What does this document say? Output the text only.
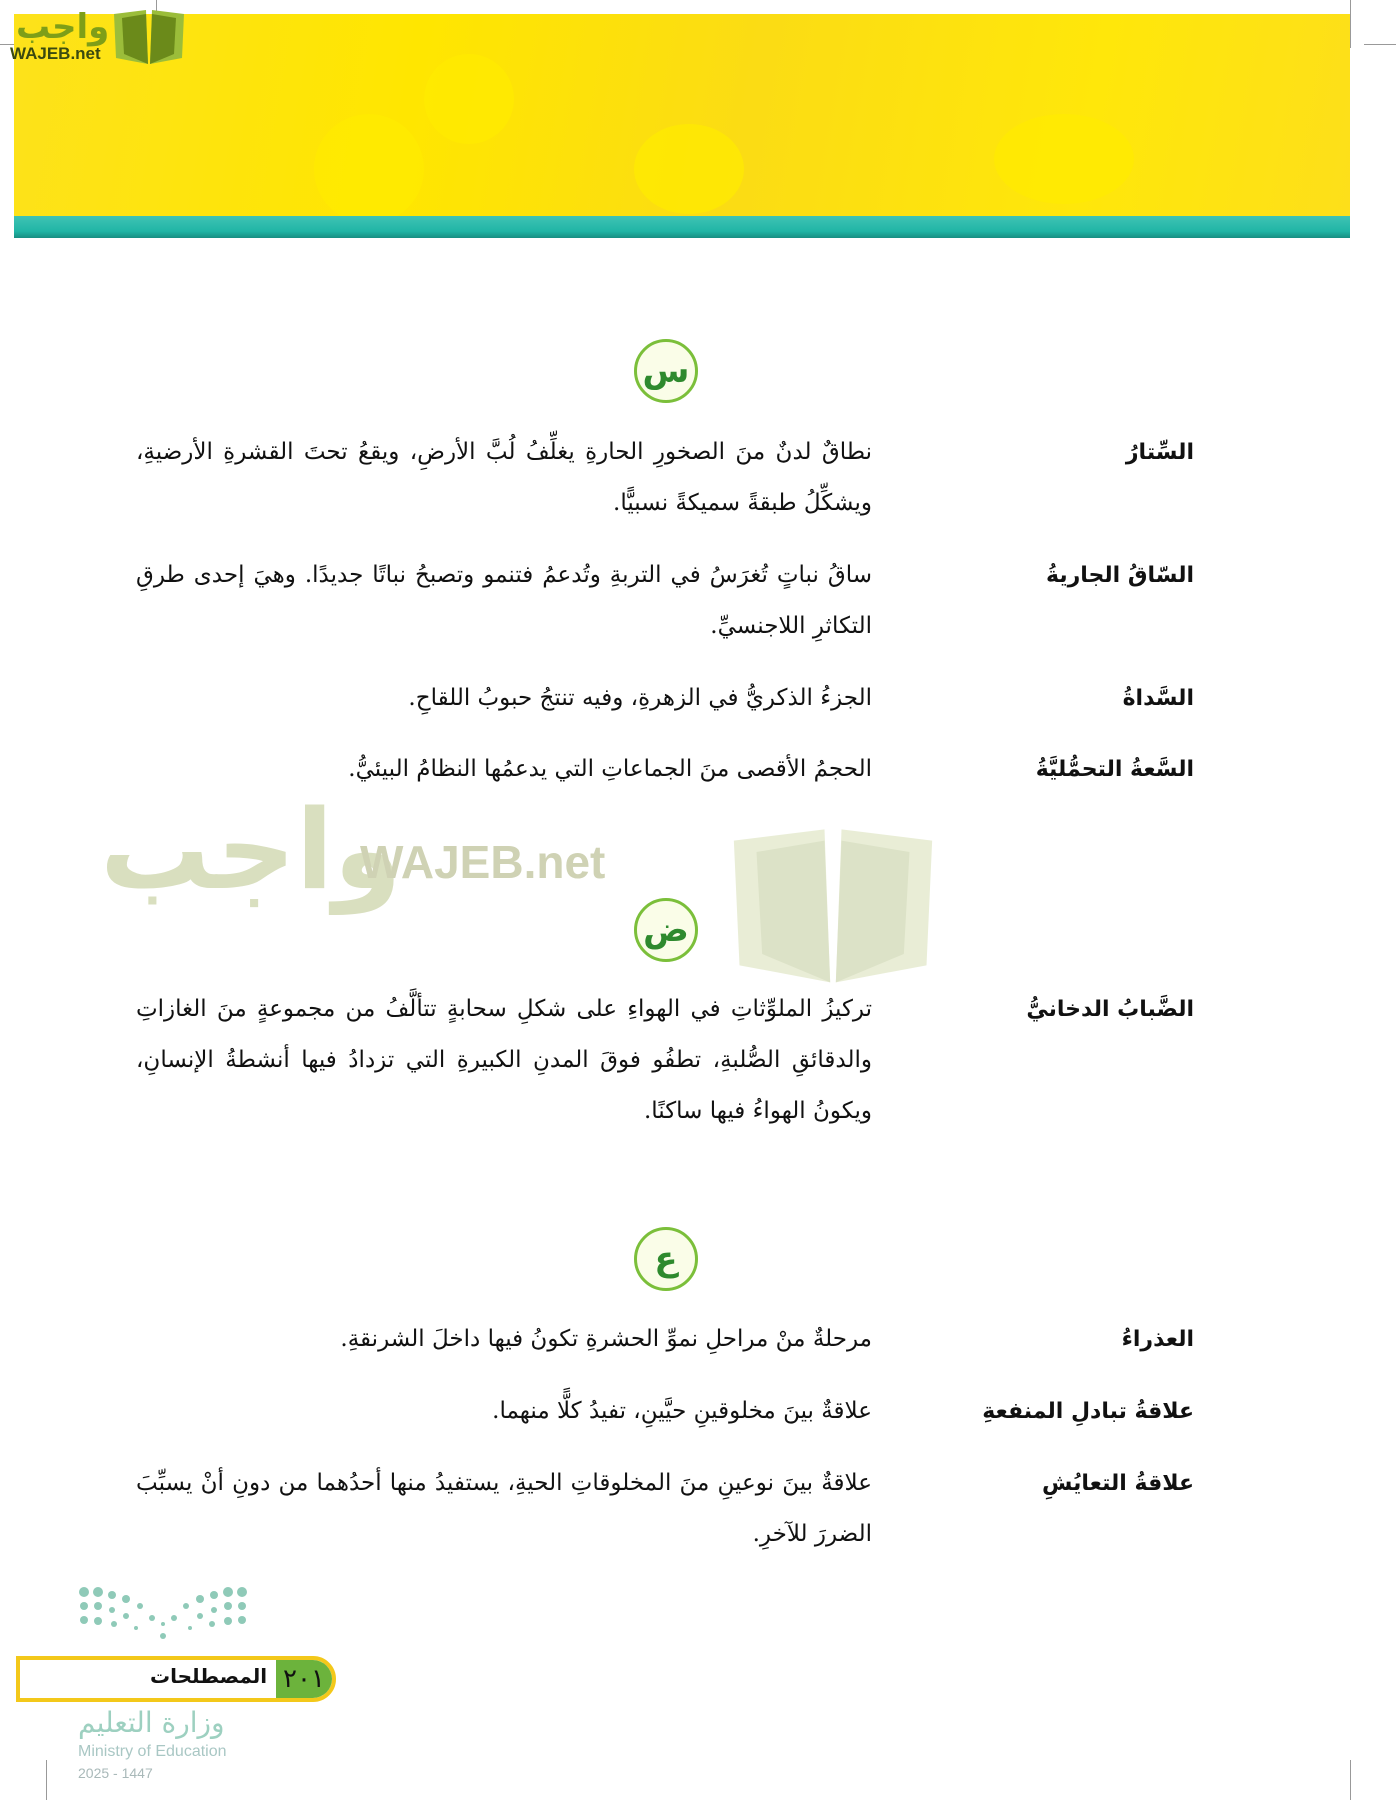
واجب
WAJEB.net
واجب
WAJEB.net
س
السِّتارُ
نطاقٌ لدنٌ منَ الصخورِ الحارةِ يغلِّفُ لُبَّ الأرضِ، ويقعُ تحتَ القشرةِ الأرضيةِ، ويشكِّلُ طبقةً سميكةً نسبيًّا.
السّاقُ الجاريةُ
ساقُ نباتٍ تُغرَسُ في التربةِ وتُدعمُ فتنمو وتصبحُ نباتًا جديدًا. وهيَ إحدى طرقِ التكاثرِ اللاجنسيِّ.
السَّداةُ
الجزءُ الذكريُّ في الزهرةِ، وفيه تنتجُ حبوبُ اللقاحِ.
السَّعةُ التحمُّليَّةُ
الحجمُ الأقصى منَ الجماعاتِ التي يدعمُها النظامُ البيئيُّ.
ض
الضَّبابُ الدخانيُّ
تركيزُ الملوِّثاتِ في الهواءِ على شكلِ سحابةٍ تتألَّفُ من مجموعةٍ منَ الغازاتِ والدقائقِ الصُّلبةِ، تطفُو فوقَ المدنِ الكبيرةِ التي تزدادُ فيها أنشطةُ الإنسانِ، ويكونُ الهواءُ فيها ساكنًا.
ع
العذراءُ
مرحلةٌ منْ مراحلِ نموِّ الحشرةِ تكونُ فيها داخلَ الشرنقةِ.
علاقةُ تبادلِ المنفعةِ
علاقةٌ بينَ مخلوقينِ حيَّينِ، تفيدُ كلًّا منهما.
علاقةُ التعايُشِ
علاقةٌ بينَ نوعينِ منَ المخلوقاتِ الحيةِ، يستفيدُ منها أحدُهما من دونِ أنْ يسبِّبَ الضررَ للآخرِ.
المصطلحات ٢٠١
وزارة التعليم
Ministry of Education
2025 - 1447
